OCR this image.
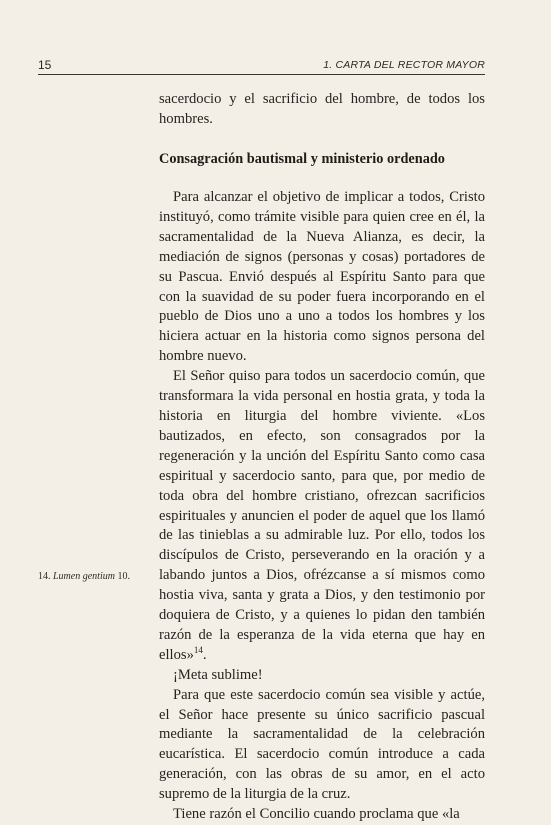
15	1. CARTA DEL RECTOR MAYOR

sacerdocio y el sacrificio del hombre, de todos los hombres.

Consagración bautismal y ministerio ordenado

Para alcanzar el objetivo de implicar a todos, Cristo instituyó, como trámite visible para quien cree en él, la sacramentalidad de la Nueva Alianza, es decir, la mediación de signos (personas y cosas) portadores de su Pascua. Envió después al Espíritu Santo para que con la suavidad de su poder fuera incorporando en el pueblo de Dios uno a uno a todos los hombres y los hiciera actuar en la historia como signos persona del hombre nuevo.

El Señor quiso para todos un sacerdocio común, que transformara la vida personal en hostia grata, y toda la historia en liturgia del hombre viviente. «Los bautizados, en efecto, son consagrados por la regeneración y la unción del Espíritu Santo como casa espiritual y sacerdocio santo, para que, por medio de toda obra del hombre cristiano, ofrezcan sacrificios espirituales y anuncien el poder de aquel que los llamó de las tinieblas a su admirable luz. Por ello, todos los discípulos de Cristo, perseverando en la oración y a labando juntos a Dios, ofrézcanse a sí mismos como hostia viva, santa y grata a Dios, y den testimonio por doquiera de Cristo, y a quienes lo pidan den también razón de la esperanza de la vida eterna que hay en ellos»$^{14}$.

¡Meta sublime!

Para que este sacerdocio común sea visible y actúe, el Señor hace presente su único sacrificio pascual mediante la sacramentalidad de la celebración eucarística. El sacerdocio común introduce a cada generación, con las obras de su amor, en el acto supremo de la liturgia de la cruz.

Tiene razón el Concilio cuando proclama que «la

14. Lumen gentium 10.
